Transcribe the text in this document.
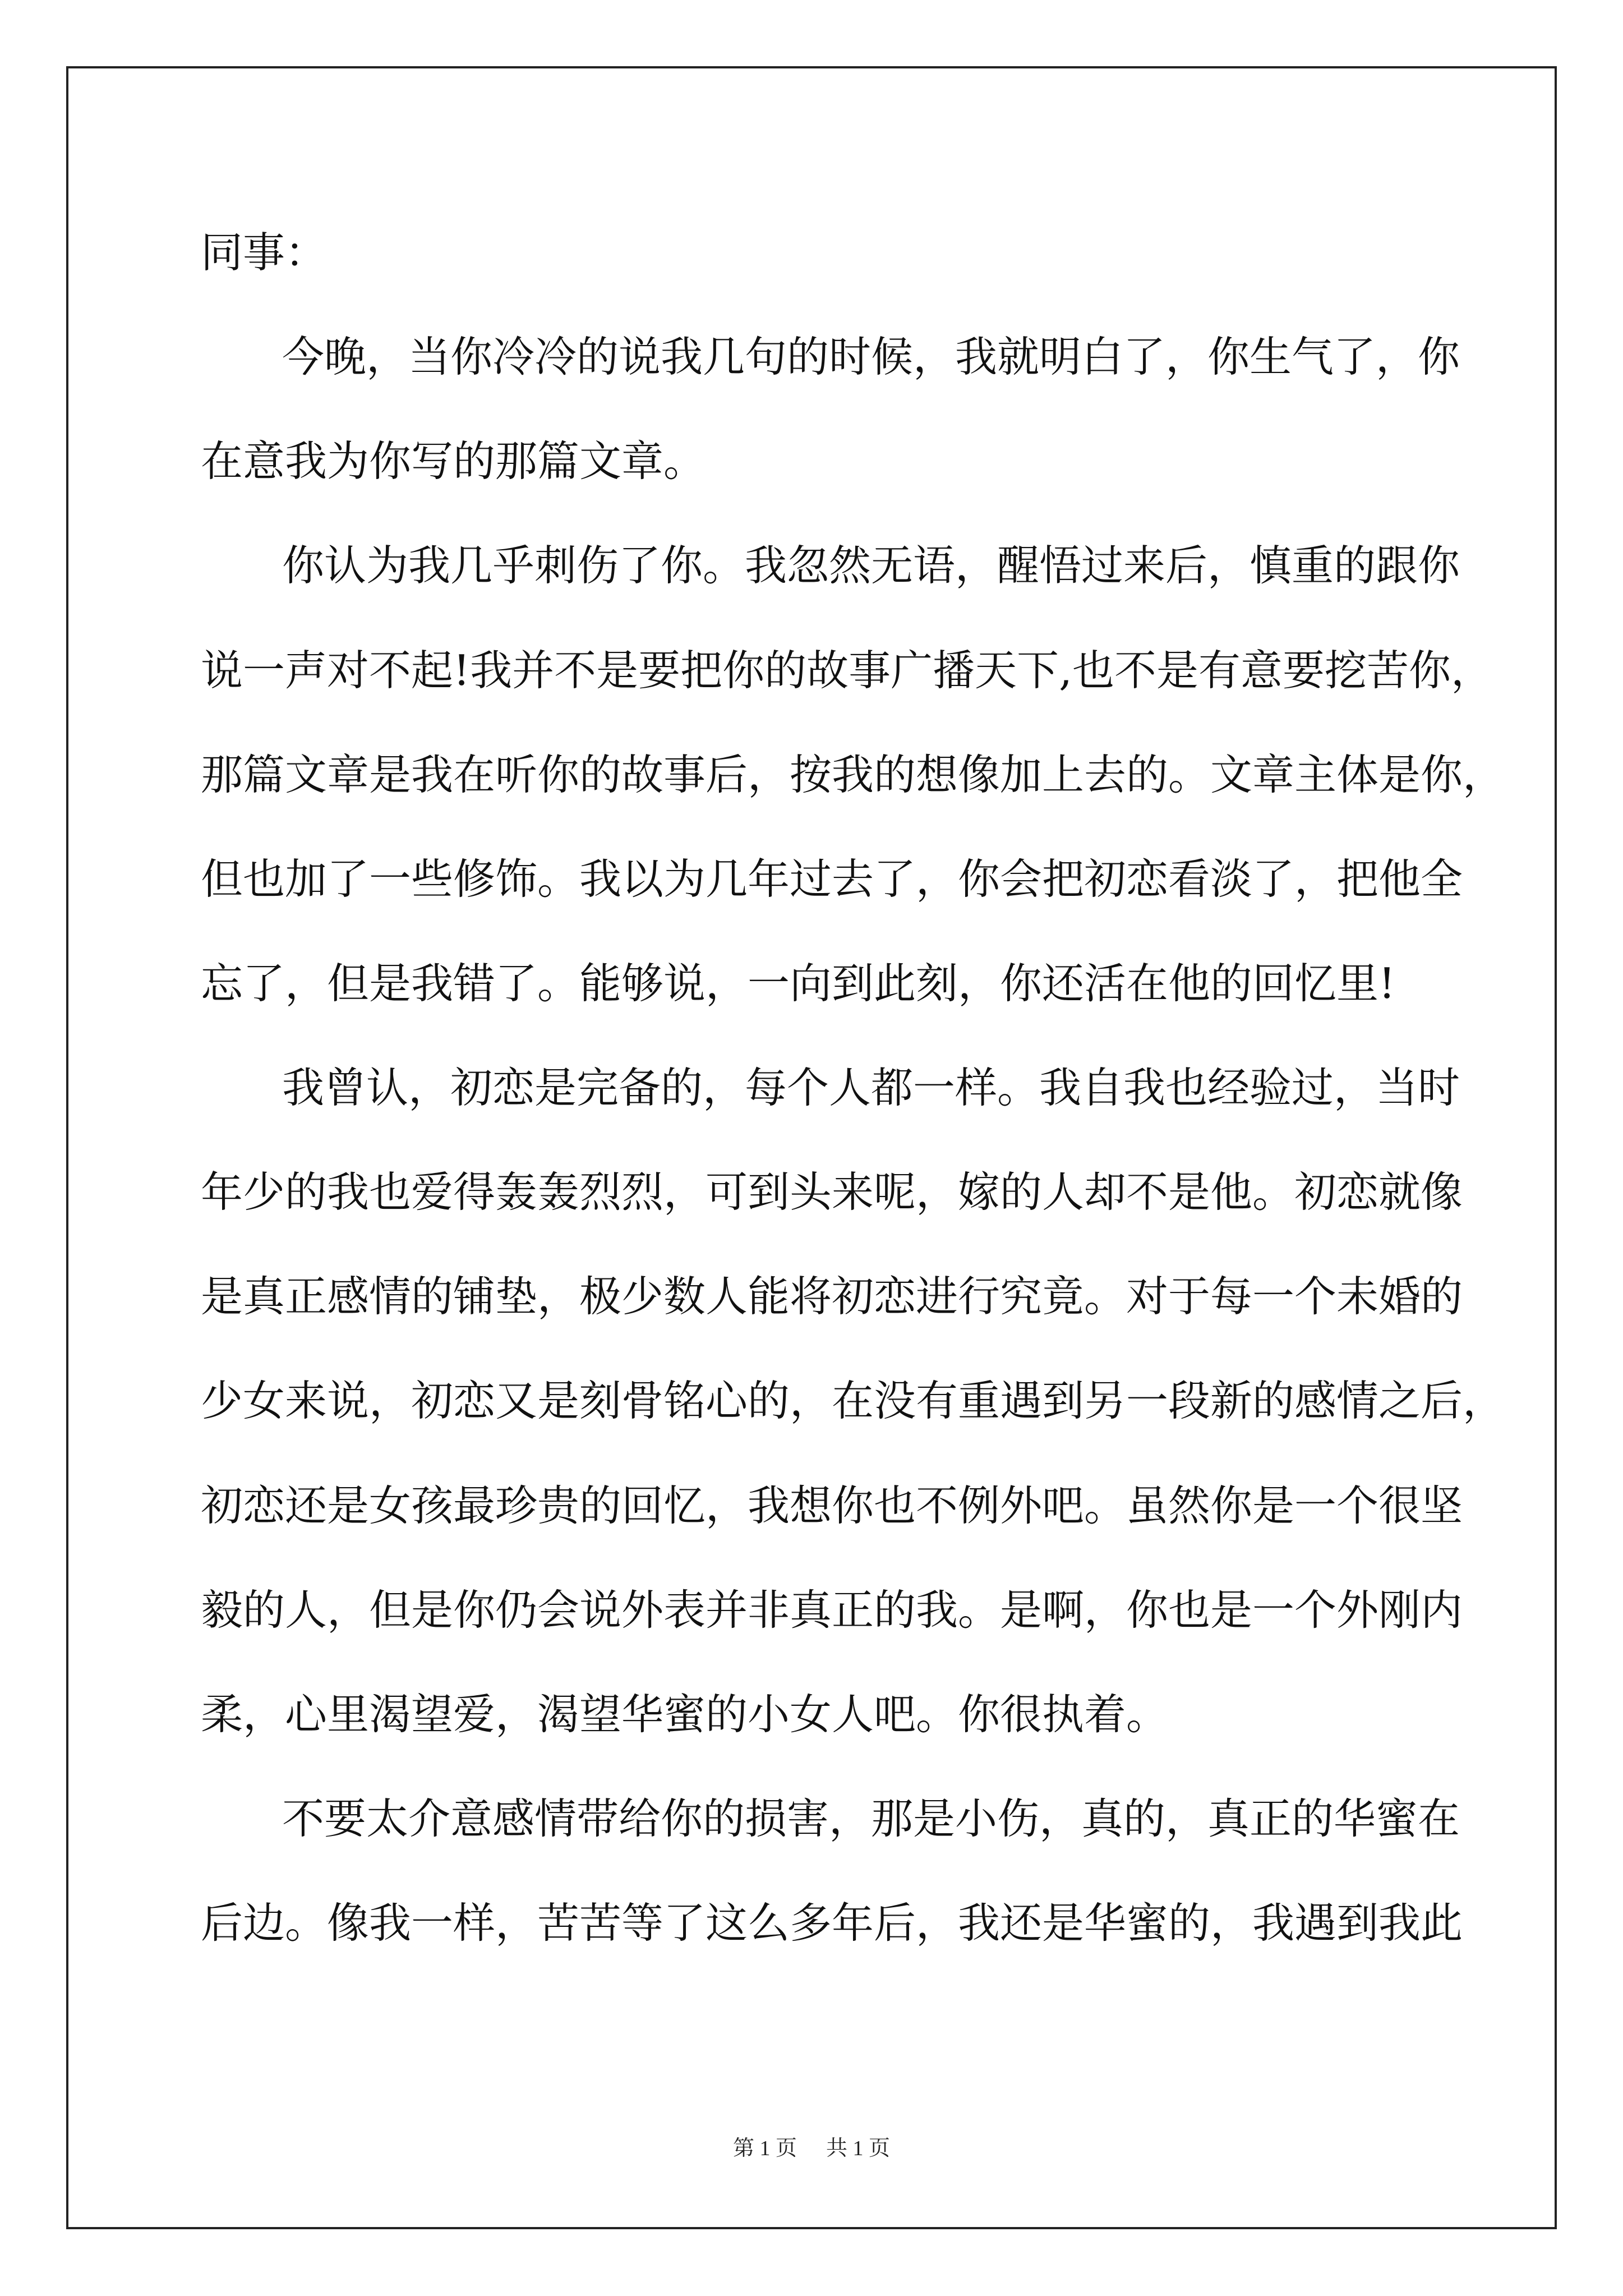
同事：
今晚，当你冷冷的说我几句的时候，我就明白了，你生气了，你
在意我为你写的那篇文章。
你认为我几乎刺伤了你。我忽然无语，醒悟过来后，慎重的跟你
说一声对不起!我并不是要把你的故事广播天下,也不是有意要挖苦你，
那篇文章是我在听你的故事后，按我的想像加上去的。文章主体是你，
但也加了一些修饰。我以为几年过去了，你会把初恋看淡了，把他全
忘了，但是我错了。能够说，一向到此刻，你还活在他的回忆里!
我曾认，初恋是完备的，每个人都一样。我自我也经验过，当时
年少的我也爱得轰轰烈烈，可到头来呢，嫁的人却不是他。初恋就像
是真正感情的铺垫，极少数人能将初恋进行究竟。对于每一个未婚的
少女来说，初恋又是刻骨铭心的，在没有重遇到另一段新的感情之后，
初恋还是女孩最珍贵的回忆，我想你也不例外吧。虽然你是一个很坚
毅的人，但是你仍会说外表并非真正的我。是啊，你也是一个外刚内
柔，心里渴望爱，渴望华蜜的小女人吧。你很执着。
不要太介意感情带给你的损害，那是小伤，真的，真正的华蜜在
后边。像我一样，苦苦等了这么多年后，我还是华蜜的，我遇到我此
第 1 页 共 1 页
